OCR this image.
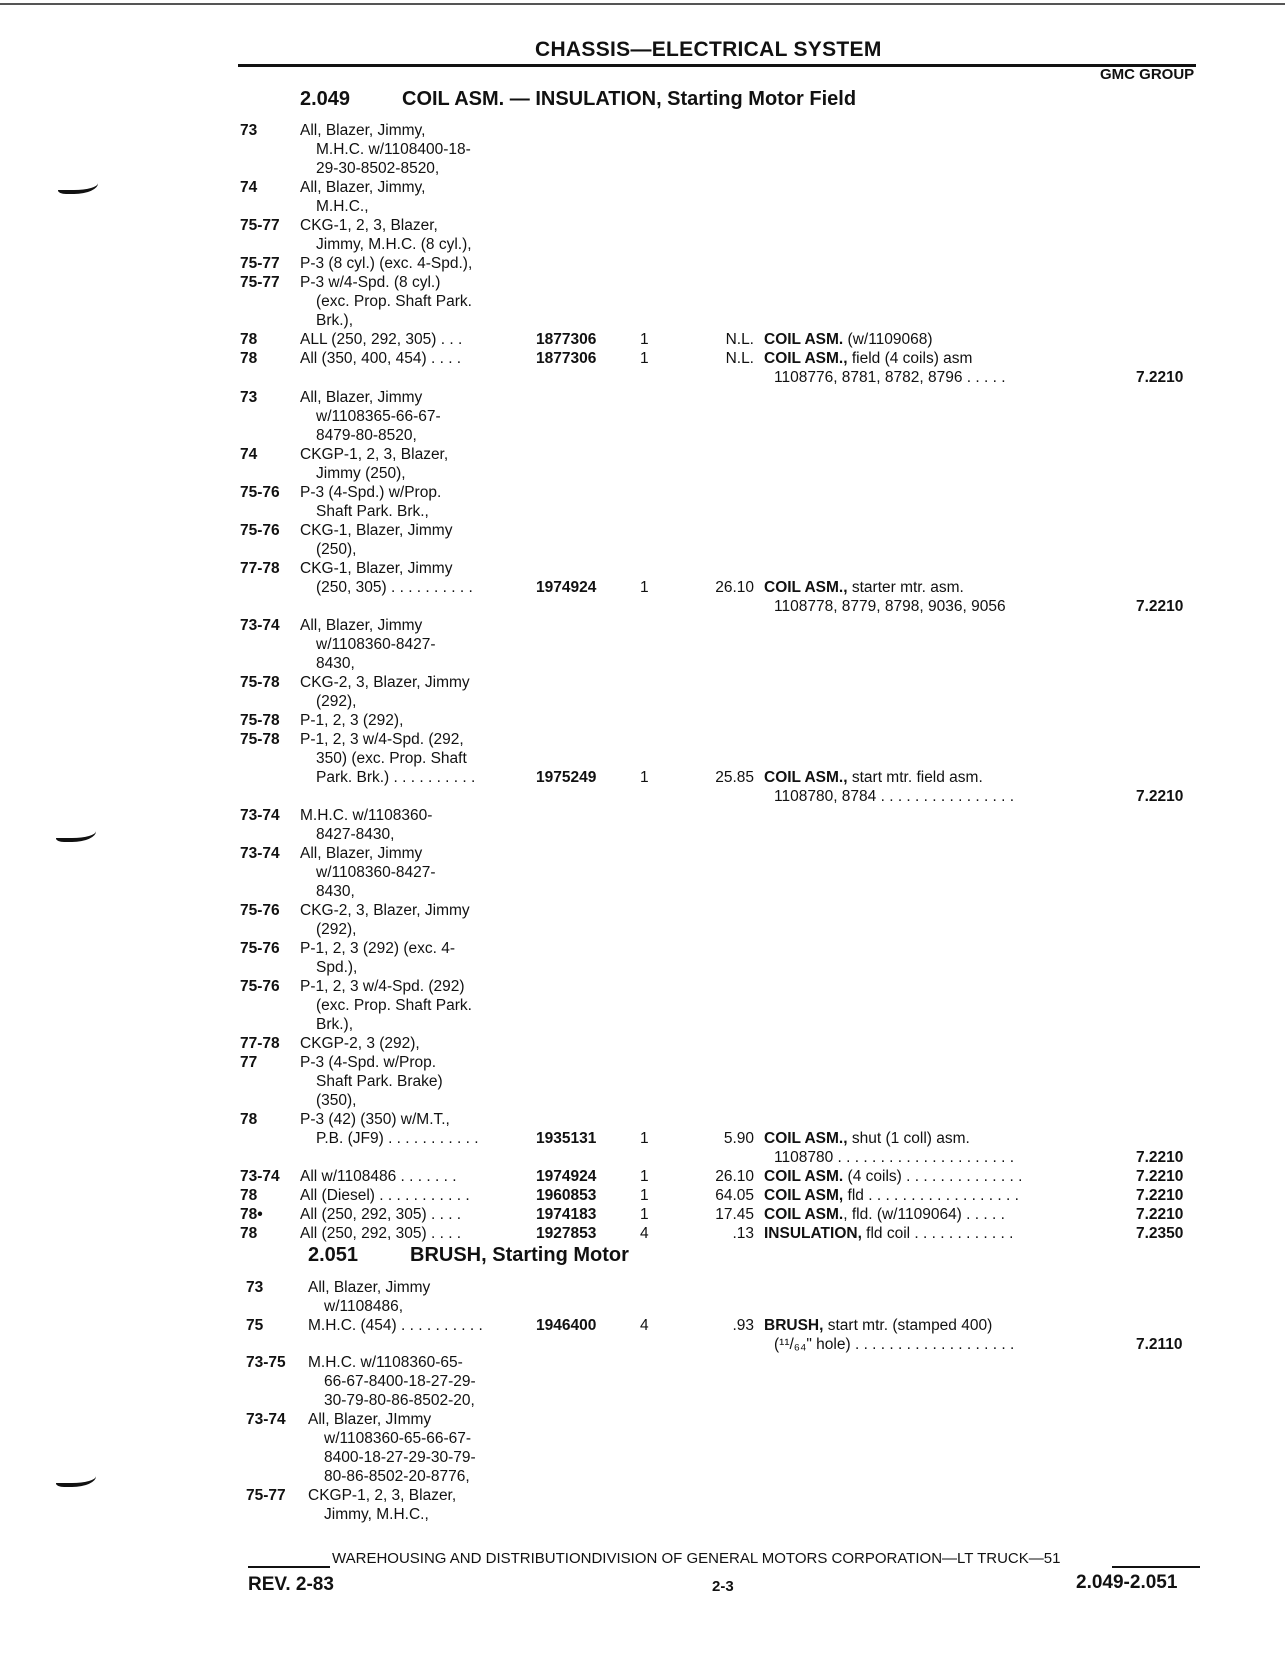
CHASSIS—ELECTRICAL SYSTEM
GMC GROUP
2.049	COIL ASM. — INSULATION, Starting Motor Field
2.051	BRUSH, Starting Motor
73	All, Blazer, Jimmy,
M.H.C. w/1108400-18-
29-30-8502-8520,
74	All, Blazer, Jimmy,
M.H.C.,
75-77 CKG-1, 2, 3, Blazer,
Jimmy, M.H.C. (8 cyl.),
75-77 P-3 (8 cyl.) (exc. 4-Spd.),
75-77 P-3 w/4-Spd. (8 cyl.)
(exc. Prop. Shaft Park.
Brk.),
78	ALL (250, 292, 305) . . .	1877306	1	N.L. COIL ASM. (w/1109068)
78	All (350, 400, 454) . . . .	1877306	1	N.L. COIL ASM., field (4 coils) asm
1108776, 8781, 8782, 8796 . . . . .	7.2210
73	All, Blazer, Jimmy
w/1108365-66-67-
8479-80-8520,
74	CKGP-1, 2, 3, Blazer,
Jimmy (250),
75-76 P-3 (4-Spd.) w/Prop.
Shaft Park. Brk.,
75-76 CKG-1, Blazer, Jimmy
(250),
77-78 CKG-1, Blazer, Jimmy
(250, 305) . . . . . . . . . .	1974924	1	26.10 COIL ASM., starter mtr. asm.
1108778, 8779, 8798, 9036, 9056	7.2210
73-74 All, Blazer, Jimmy
w/1108360-8427-
8430,
75-78 CKG-2, 3, Blazer, Jimmy
(292),
75-78 P-1, 2, 3 (292),
75-78 P-1, 2, 3 w/4-Spd. (292,
350) (exc. Prop. Shaft
Park. Brk.) . . . . . . . . . .	1975249	1	25.85 COIL ASM., start mtr. field asm.
1108780, 8784 . . . . . . . . . . . . . . . .	7.2210
73-74 M.H.C. w/1108360-
8427-8430,
73-74 All, Blazer, Jimmy
w/1108360-8427-
8430,
75-76 CKG-2, 3, Blazer, Jimmy
(292),
75-76 P-1, 2, 3 (292) (exc. 4-
Spd.),
75-76 P-1, 2, 3 w/4-Spd. (292)
(exc. Prop. Shaft Park.
Brk.),
77-78 CKGP-2, 3 (292),
77	P-3 (4-Spd. w/Prop.
Shaft Park. Brake)
(350),
78	P-3 (42) (350) w/M.T.,
P.B. (JF9) . . . . . . . . . . .	1935131	1	5.90 COIL ASM., shut (1 coll) asm.
1108780 . . . . . . . . . . . . . . . . . . . . .	7.2210
73-74 All w/1108486 . . . . . . .	1974924	1	26.10 COIL ASM. (4 coils) . . . . . . . . . . . . . .	7.2210
78	All (Diesel) . . . . . . . . . . .	1960853	1	64.05 COIL ASM, fld . . . . . . . . . . . . . . . . . .	7.2210
78• All (250, 292, 305) . . . .	1974183	1	17.45 COIL ASM., fld. (w/1109064) . . . . .	7.2210
78	All (250, 292, 305) . . . .	1927853	4	.13 INSULATION, fld coil . . . . . . . . . . . .	7.2350
73	All, Blazer, Jimmy
w/1108486,
75	M.H.C. (454) . . . . . . . . . .	1946400	4	.93 BRUSH, start mtr. (stamped 400)
(¹¹/₆₄" hole) . . . . . . . . . . . . . . . . . . .	7.2110
73-75 M.H.C. w/1108360-65-
66-67-8400-18-27-29-
30-79-80-86-8502-20,
73-74 All, Blazer, JImmy
w/1108360-65-66-67-
8400-18-27-29-30-79-
80-86-8502-20-8776,
75-77 CKGP-1, 2, 3, Blazer,
Jimmy, M.H.C.,
WAREHOUSING AND DISTRIBUTIONDIVISION OF GENERAL MOTORS CORPORATION—LT TRUCK—51
REV. 2-83	2-3	2.049-2.051
